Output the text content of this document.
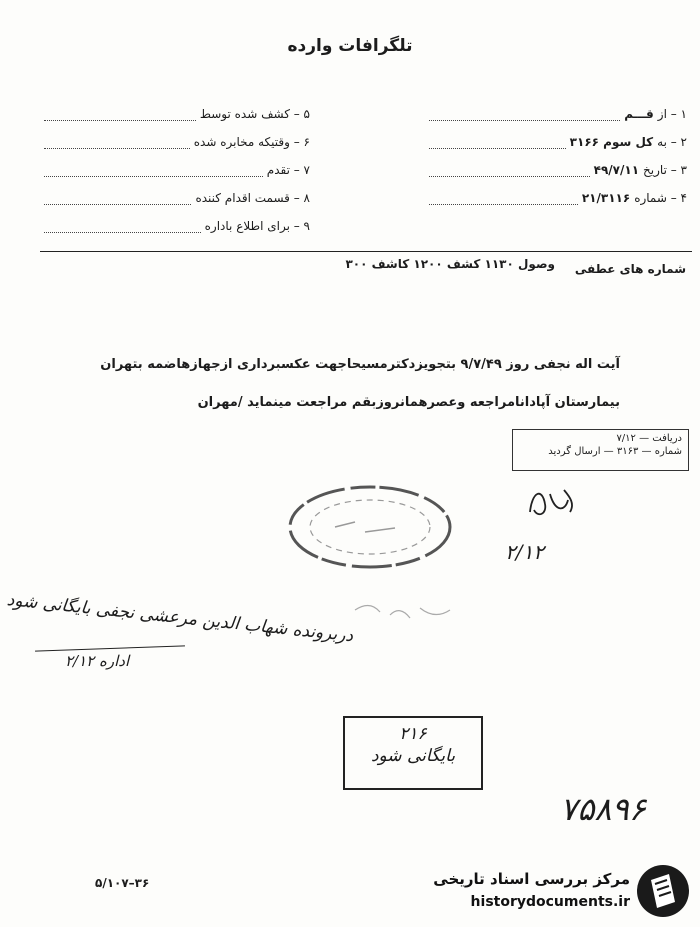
تلگرافات وارده
۵ – کشف شده توسط
۶ – وقتیکه مخابره شده
۷ – تقدم
۸ – قسمت اقدام کننده
۹ – برای اطلاع باداره
۱ – از
قـــم
۲ – به
کل سوم ۳۱۶۶
۳ – تاریخ
۴۹/۷/۱۱
۴ – شماره
۲۱/۳۱۱۶
شماره های عطفی
وصول ۱۱۳۰ کشف ۱۲۰۰ کاشف ۳۰۰
آیت اله نجفی روز ۹/۷/۴۹ بتجویزدکترمسیحاجهت عکسبرداری ازجهازهاضمه بتهران
بیمارستان آپادانامراجعه وعصرهمانروزبقم مراجعت مینماید /مهران
دریافت — ۷/۱۲
شماره — ۳۱۶۳ — ارسال گردید
۲/۱۲
دربرونده شهاب الدین مرعشی نجفی بایگانی شود
اداره ۲/۱۲
۲۱۶
بایگانی شود
۷۵۸۹۶
۵/۱۰۷–۳۶	مرکز بررسی اسناد تاریخی
historydocuments.ir
